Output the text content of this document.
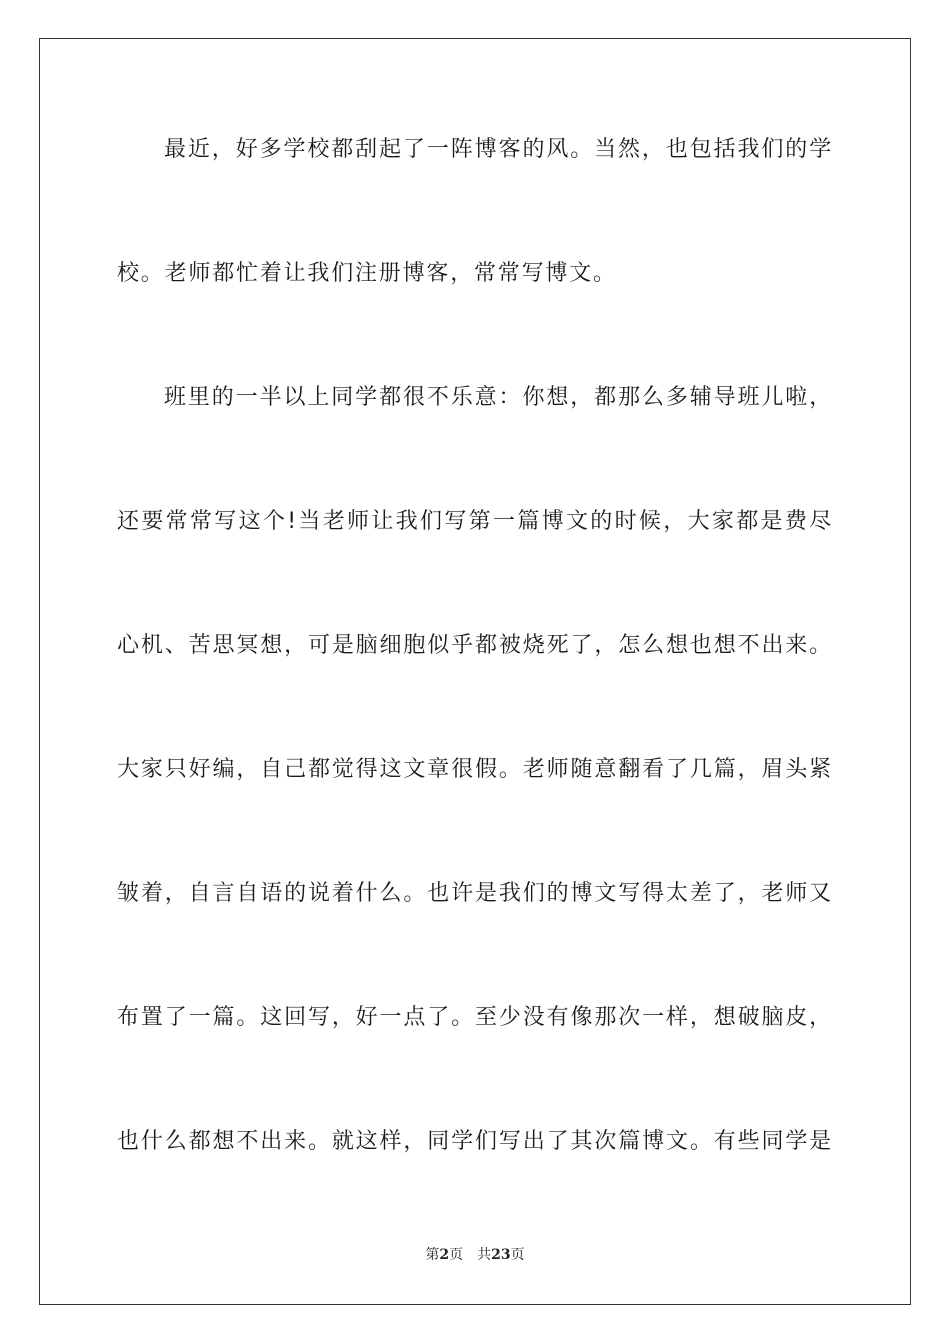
最近，好多学校都刮起了一阵博客的风。当然，也包括我们的学
校。老师都忙着让我们注册博客，常常写博文。
班里的一半以上同学都很不乐意：你想，都那么多辅导班儿啦，
还要常常写这个!当老师让我们写第一篇博文的时候，大家都是费尽
心机、苦思冥想，可是脑细胞似乎都被烧死了，怎么想也想不出来。
大家只好编，自己都觉得这文章很假。老师随意翻看了几篇，眉头紧
皱着，自言自语的说着什么。也许是我们的博文写得太差了，老师又
布置了一篇。这回写，好一点了。至少没有像那次一样，想破脑皮，
也什么都想不出来。就这样，同学们写出了其次篇博文。有些同学是
第2页 共23页
